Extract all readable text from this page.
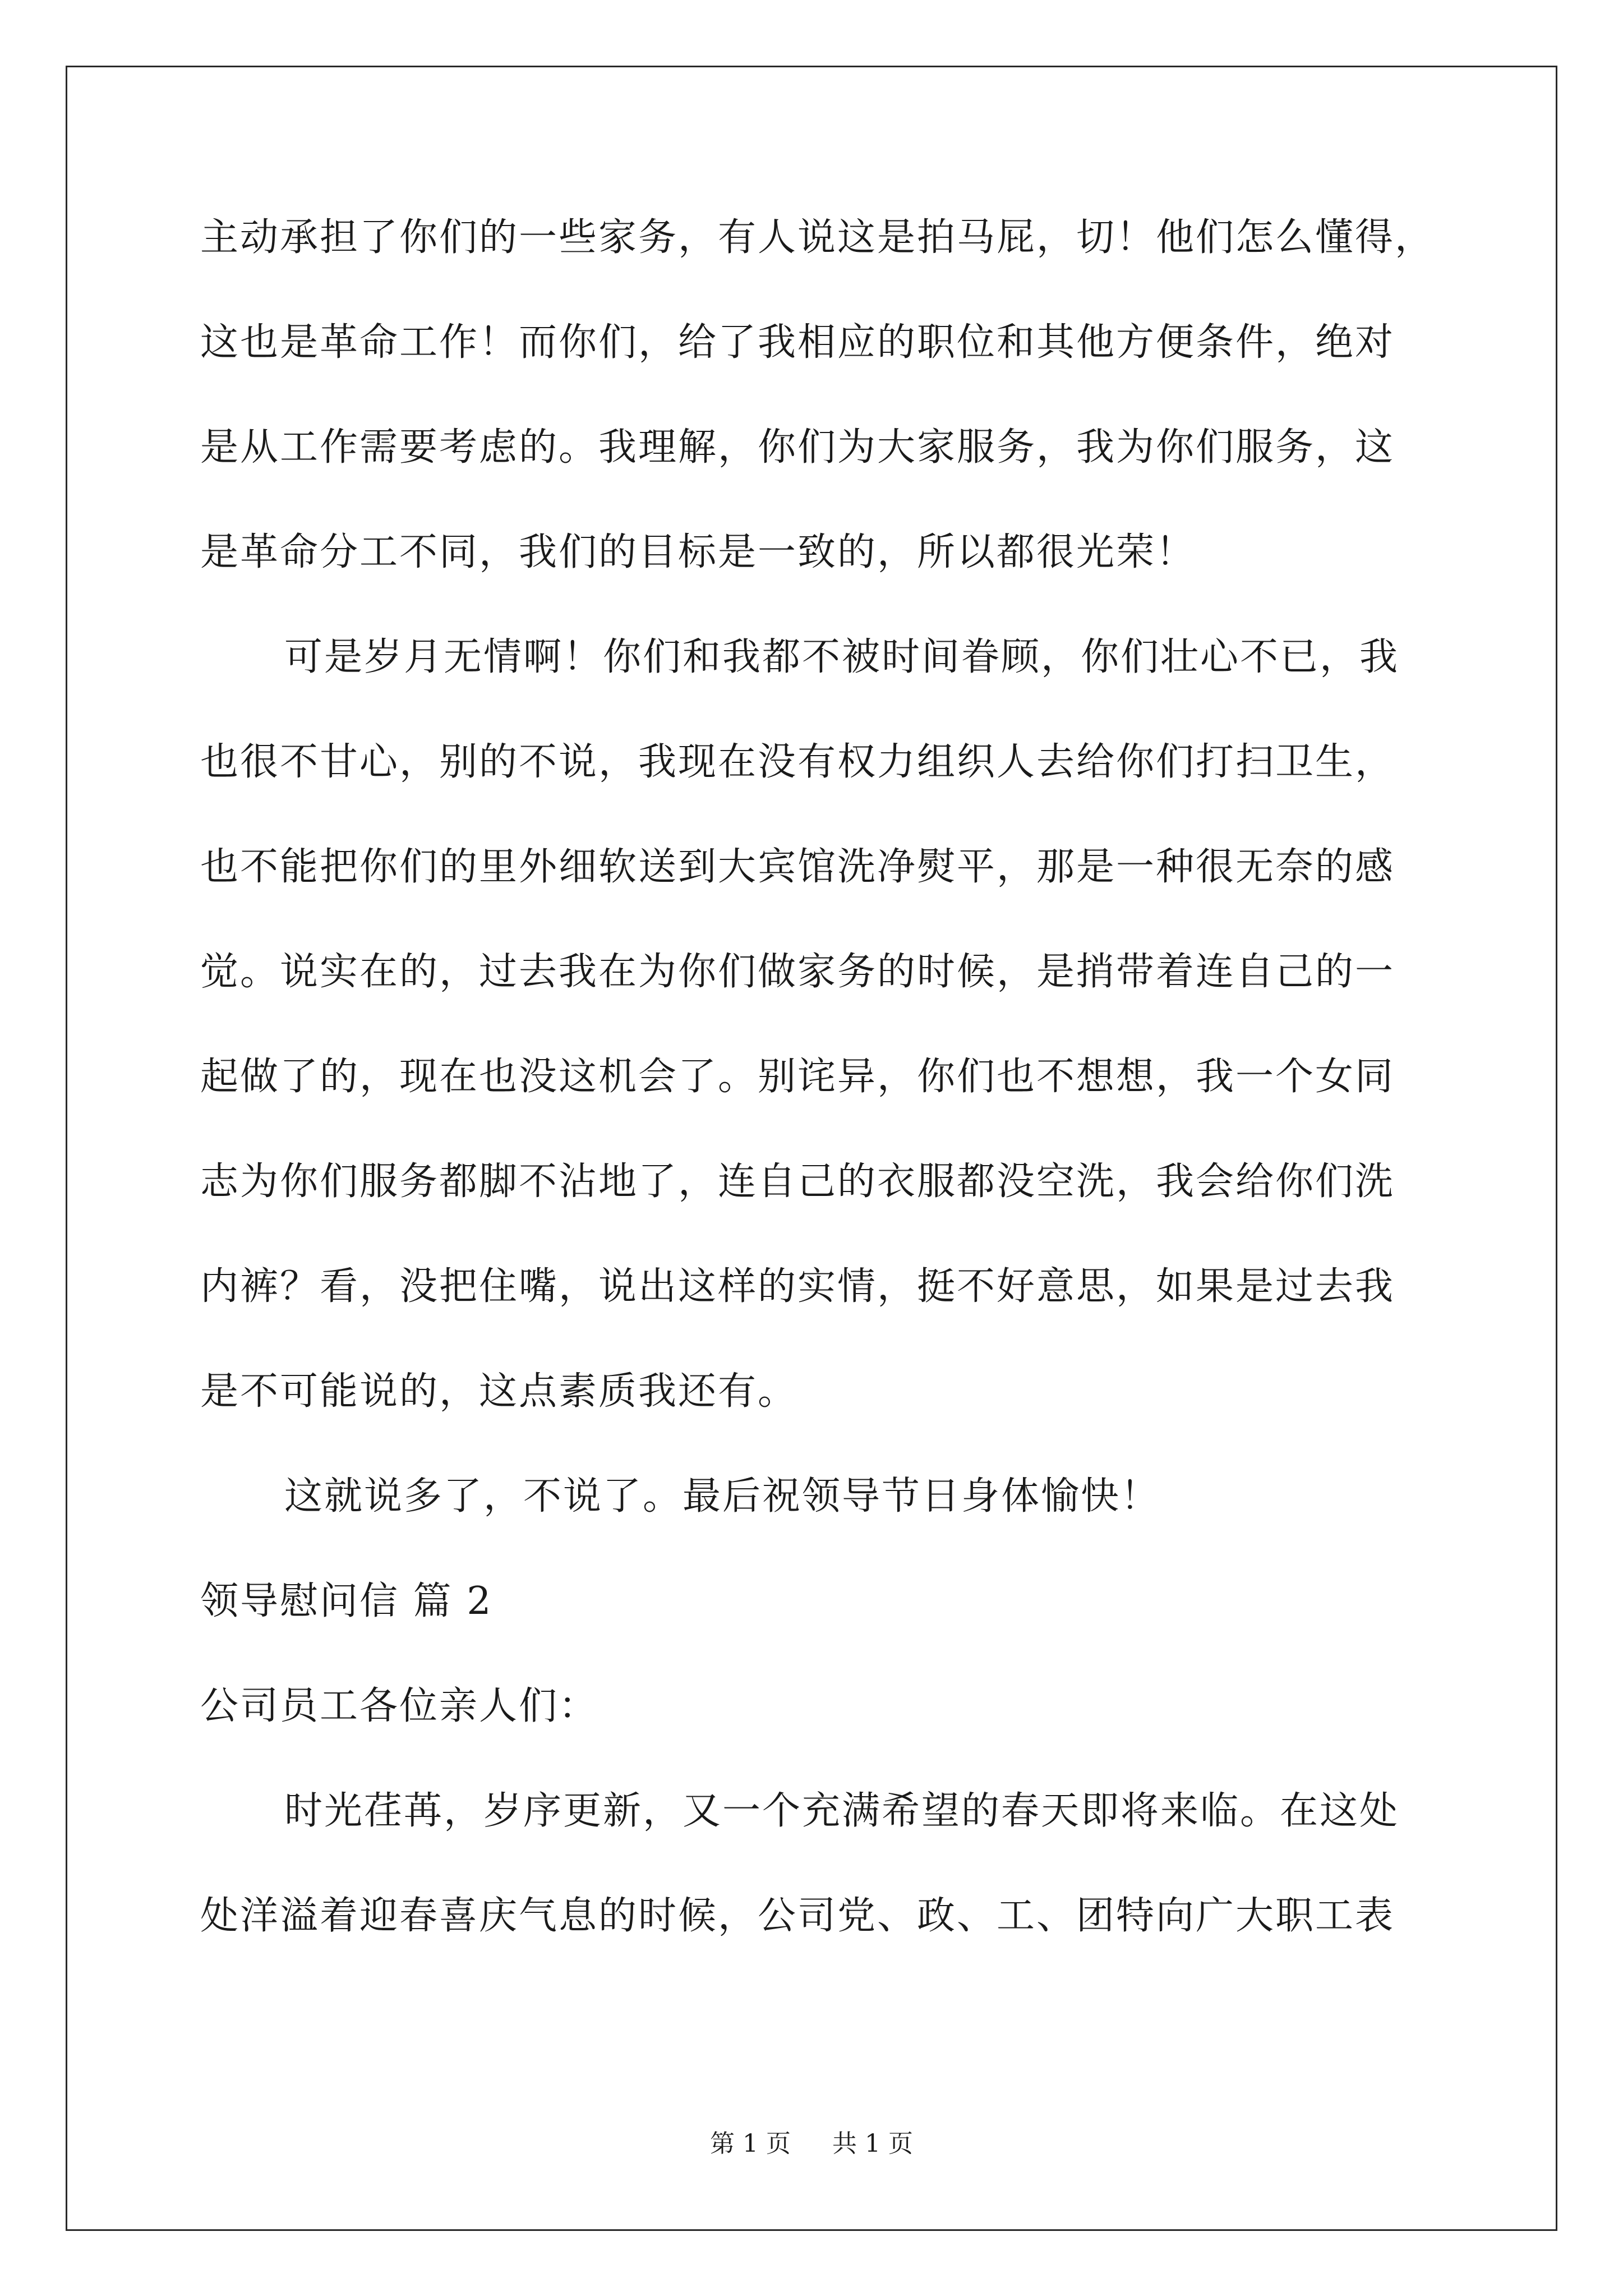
主动承担了你们的一些家务，有人说这是拍马屁，切！他们怎么懂得，
这也是革命工作！而你们，给了我相应的职位和其他方便条件，绝对
是从工作需要考虑的。我理解，你们为大家服务，我为你们服务，这
是革命分工不同，我们的目标是一致的，所以都很光荣！
可是岁月无情啊！你们和我都不被时间眷顾，你们壮心不已，我
也很不甘心，别的不说，我现在没有权力组织人去给你们打扫卫生，
也不能把你们的里外细软送到大宾馆洗净熨平，那是一种很无奈的感
觉。说实在的，过去我在为你们做家务的时候，是捎带着连自己的一
起做了的，现在也没这机会了。别诧异，你们也不想想，我一个女同
志为你们服务都脚不沾地了，连自己的衣服都没空洗，我会给你们洗
内裤？看，没把住嘴，说出这样的实情，挺不好意思，如果是过去我
是不可能说的，这点素质我还有。
这就说多了，不说了。最后祝领导节日身体愉快！
领导慰问信 篇 2
公司员工各位亲人们：
时光荏苒，岁序更新，又一个充满希望的春天即将来临。在这处
处洋溢着迎春喜庆气息的时候，公司党、政、工、团特向广大职工表
第 1 页 共 1 页
